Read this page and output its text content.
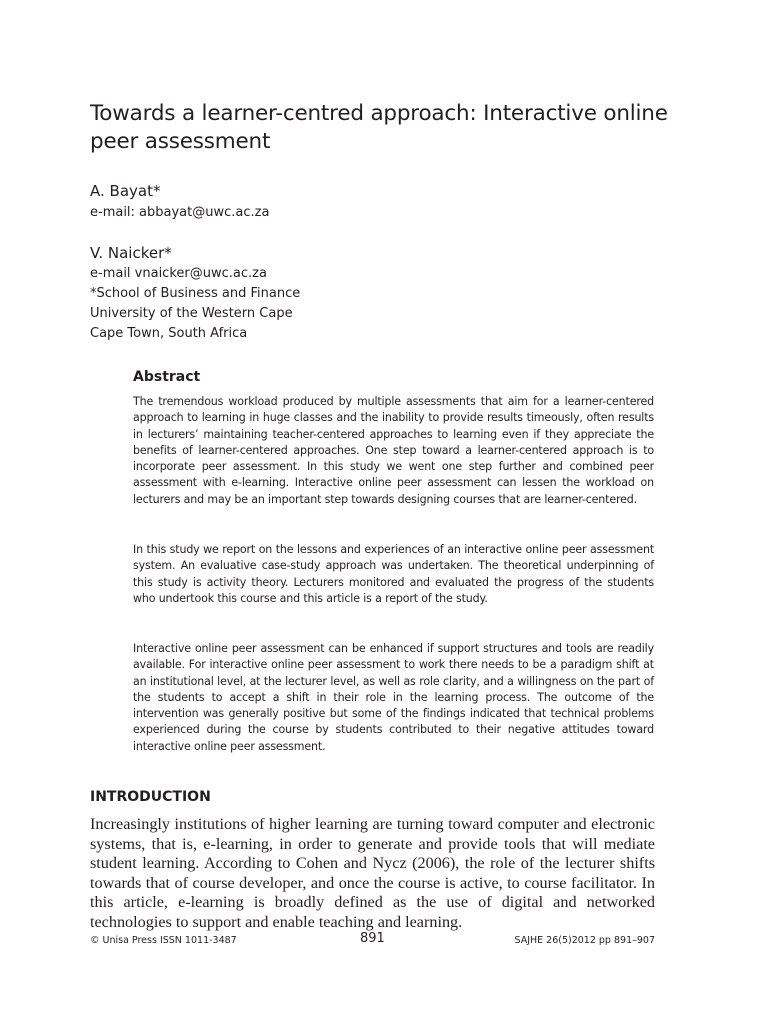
Towards a learner-centred approach: Interactive online peer assessment

A. Bayat*

e-mail: abbayat@uwc.ac.za

V. Naicker*

e-mail vnaicker@uwc.ac.za

*School of Business and Finance

University of the Western Cape

Cape Town, South Africa

Abstract

The tremendous workload produced by multiple assessments that aim for a learner-centered approach to learning in huge classes and the inability to provide results timeously, often results in lecturers’ maintaining teacher-centered approaches to learning even if they appreciate the benefits of learner-centered approaches. One step toward a learner-centered approach is to incorporate peer assessment. In this study we went one step further and combined peer assessment with e-learning. Interactive online peer assessment can lessen the workload on lecturers and may be an important step towards designing courses that are learner-centered.

In this study we report on the lessons and experiences of an interactive online peer assessment system. An evaluative case-study approach was undertaken. The theoretical underpinning of this study is activity theory. Lecturers monitored and evaluated the progress of the students who undertook this course and this article is a report of the study.

Interactive online peer assessment can be enhanced if support structures and tools are readily available. For interactive online peer assessment to work there needs to be a paradigm shift at an institutional level, at the lecturer level, as well as role clarity, and a willingness on the part of the students to accept a shift in their role in the learning process. The outcome of the intervention was generally positive but some of the findings indicated that technical problems experienced during the course by students contributed to their negative attitudes toward interactive online peer assessment.

INTRODUCTION

Increasingly institutions of higher learning are turning toward computer and electronic systems, that is, e-learning, in order to generate and provide tools that will mediate student learning. According to Cohen and Nycz (2006), the role of the lecturer shifts towards that of course developer, and once the course is active, to course facilitator. In this article, e-learning is broadly defined as the use of digital and networked technologies to support and enable teaching and learning.

© Unisa Press ISSN 1011-3487	891	SAJHE 26(5)2012 pp 891–907
